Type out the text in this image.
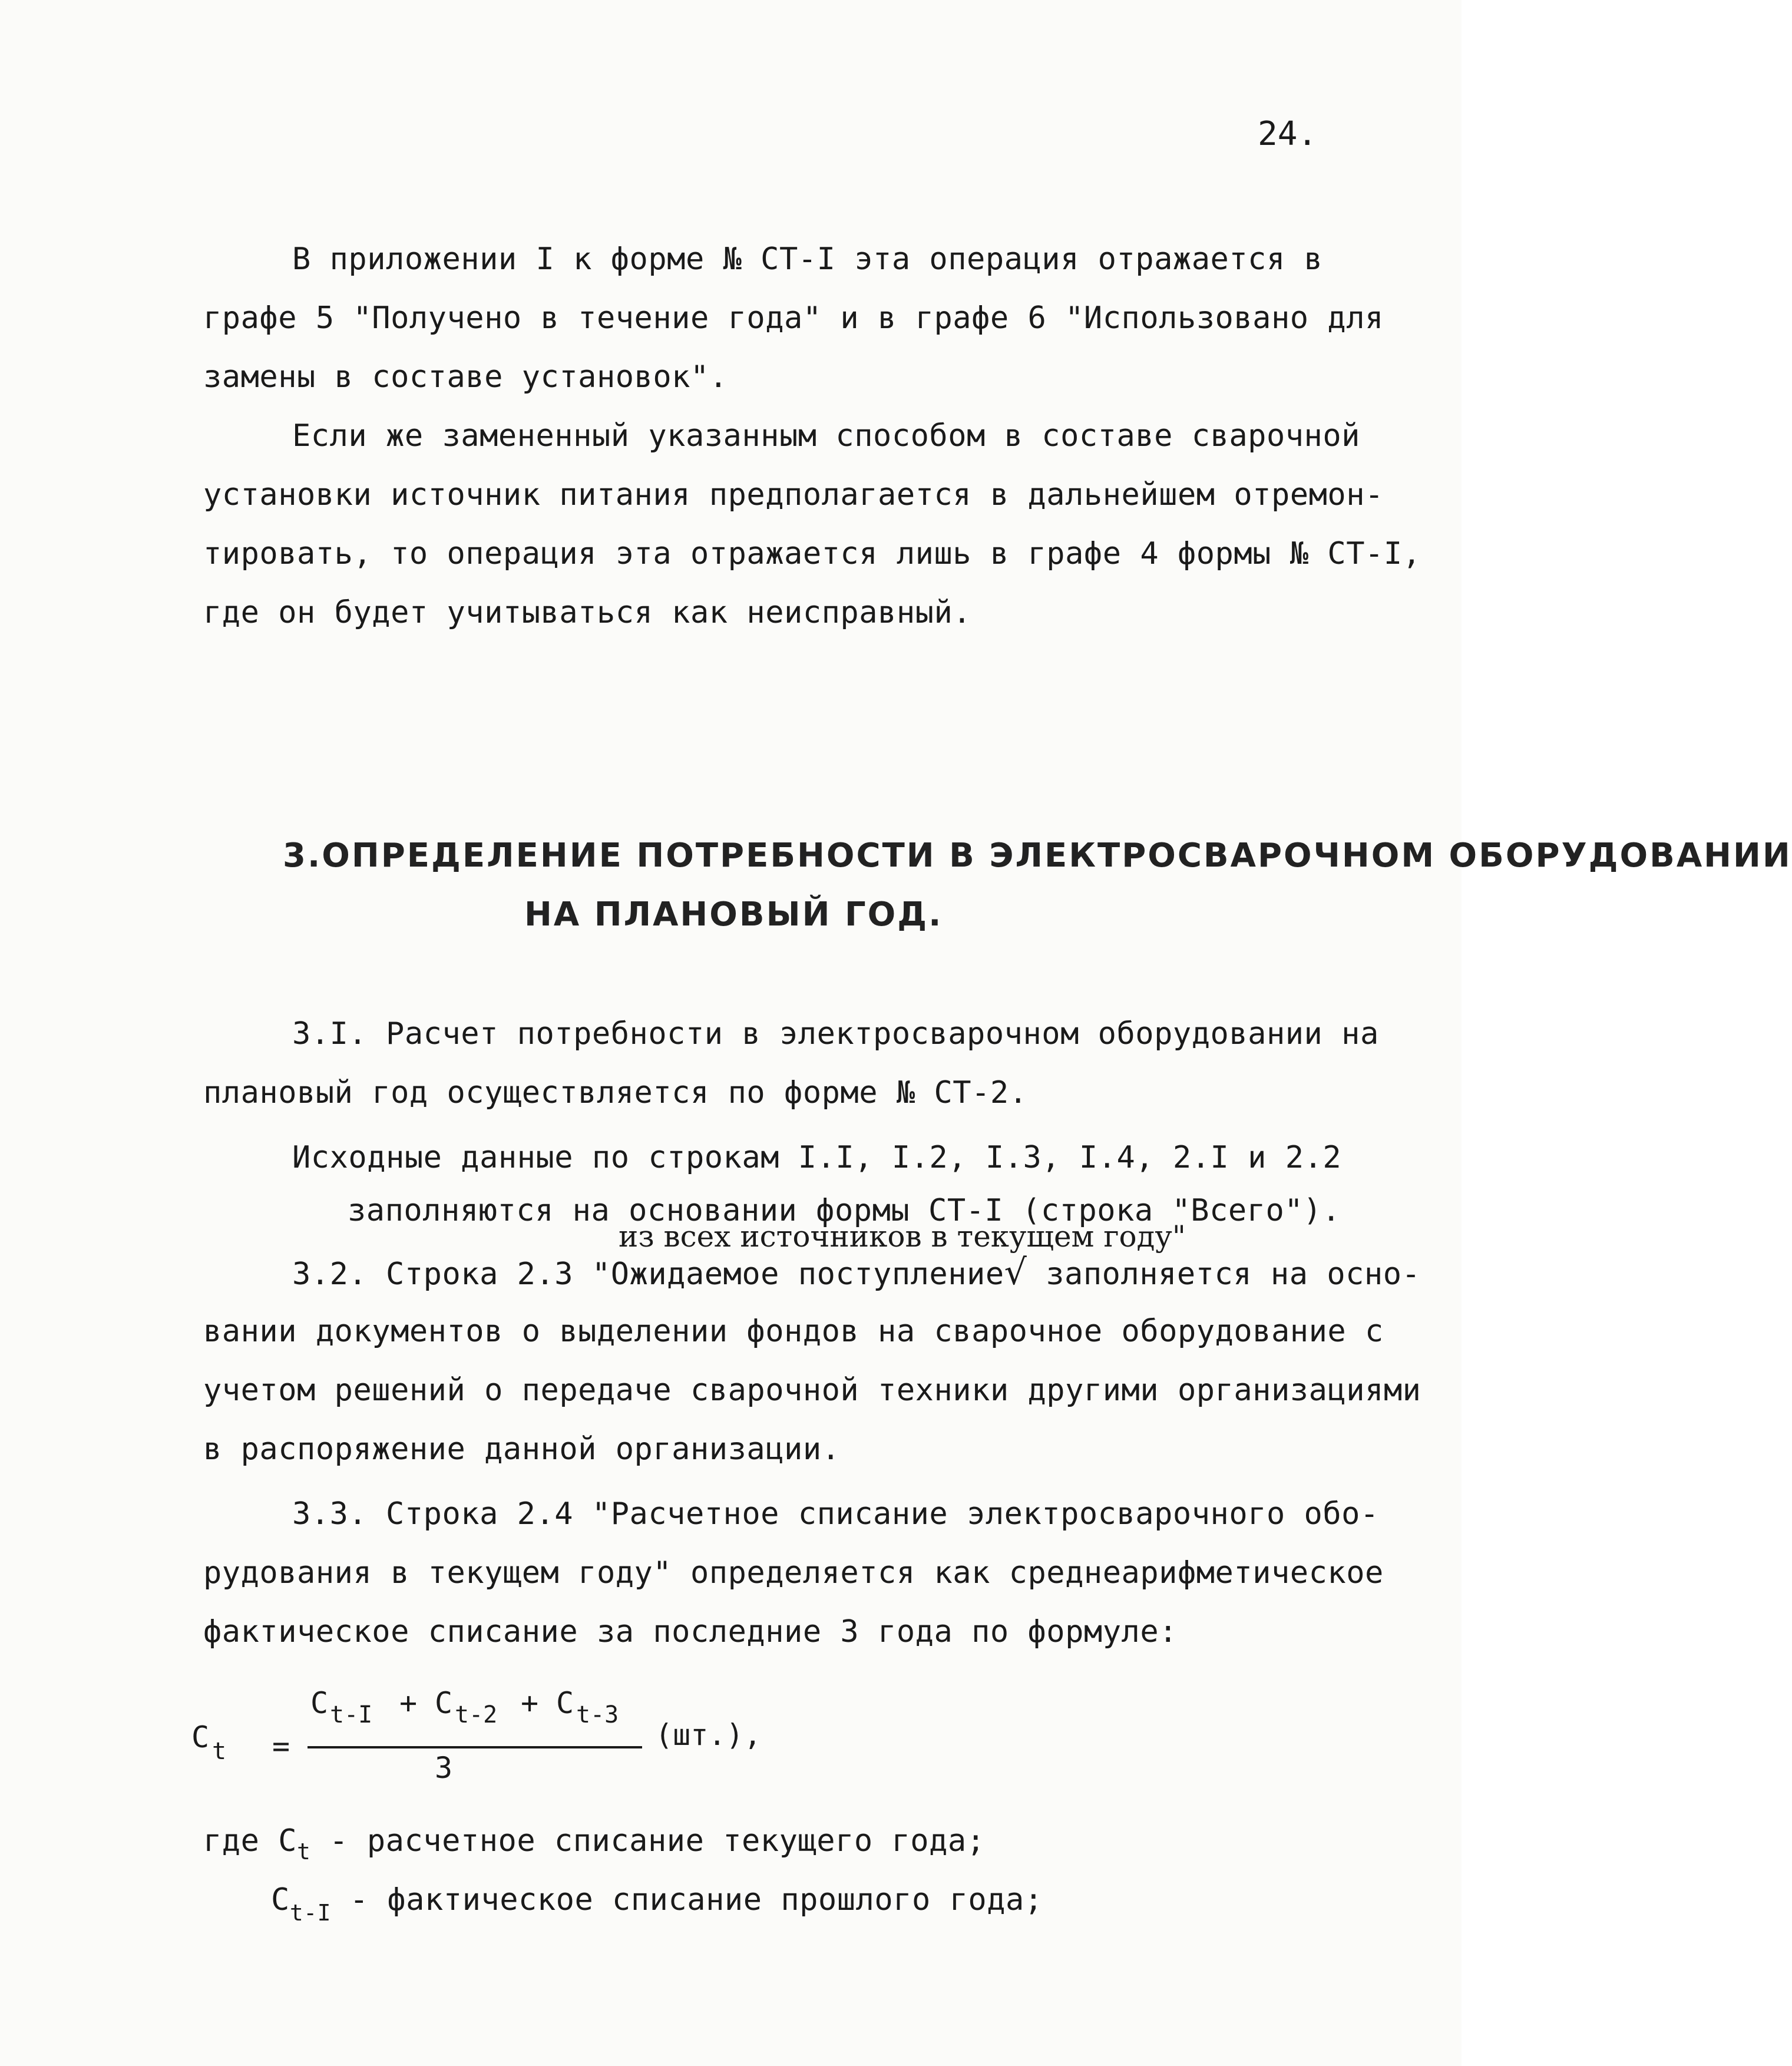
24.
В приложении I к форме № СТ-I эта операция отражается в
графе 5 "Получено в течение года" и в графе 6 "Использовано для
замены в составе установок".
Если же замененный указанным способом в составе сварочной
установки источник питания предполагается в дальнейшем отремон-
тировать, то операция эта отражается лишь в графе 4 формы № СТ-I,
где он будет учитываться как неисправный.
3.ОПРЕДЕЛЕНИЕ ПОТРЕБНОСТИ В ЭЛЕКТРОСВАРОЧНОМ ОБОРУДОВАНИИ
НА ПЛАНОВЫЙ ГОД.
3.I. Расчет потребности в электросварочном оборудовании на
плановый год осуществляется по форме № СТ-2.
Исходные данные по строкам I.I, I.2, I.3, I.4, 2.I и 2.2
заполняются на основании формы СТ-I (строка "Всего").
из всех источников в текущем году"
3.2. Строка 2.3 "Ожидаемое поступление√ заполняется на осно-
вании документов о выделении фондов на сварочное оборудование с
учетом решений о передаче сварочной техники другими организациями
в распоряжение данной организации.
3.3. Строка 2.4 "Расчетное списание электросварочного обо-
рудования в текущем году" определяется как среднеарифметическое
фактическое списание за последние 3 года по формуле:
C t =
C t-I + C t-2 + C t-3
3
(шт.),
где $C_t$ - расчетное списание текущего года;
$C_{t-I}$ - фактическое списание прошлого года;
